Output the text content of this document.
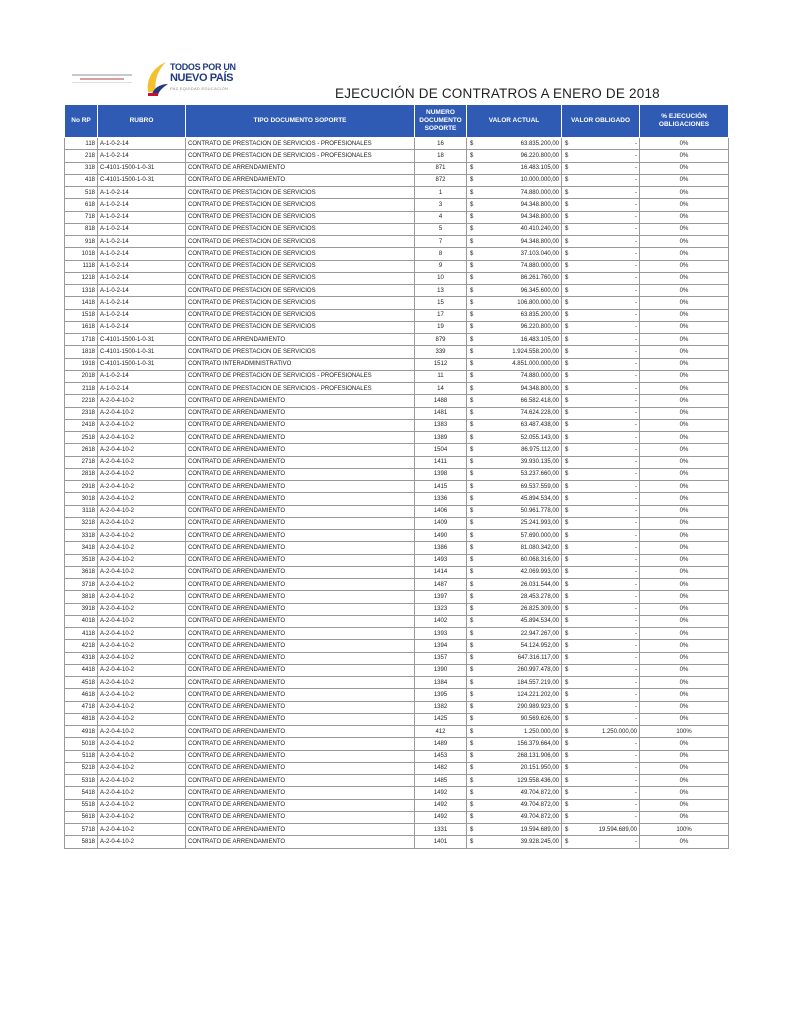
TODOS POR UN
NUEVO PAÍS
PAZ EQUIDAD EDUCACIÓN	EJECUCIÓN DE CONTRATROS A ENERO DE 2018
No RP	RUBRO	TIPO DOCUMENTO SOPORTE	NUMERO DOCUMENTO SOPORTE	VALOR ACTUAL		VALOR OBLIGADO		% EJECUCIÓN OBLIGACIONES
118	A-1-0-2-14	CONTRATO DE PRESTACION DE SERVICIOS - PROFESIONALES	16	$	63.835.200,00	$	-	0%
218	A-1-0-2-14	CONTRATO DE PRESTACION DE SERVICIOS - PROFESIONALES	18	$	96.220.800,00	$	-	0%
318	C-4101-1500-1-0-31	CONTRATO DE ARRENDAMIENTO	871	$	16.483.105,00	$	-	0%
418	C-4101-1500-1-0-31	CONTRATO DE ARRENDAMIENTO	872	$	10.000.000,00	$	-	0%
518	A-1-0-2-14	CONTRATO DE PRESTACION DE SERVICIOS	1	$	74.880.000,00	$	-	0%
618	A-1-0-2-14	CONTRATO DE PRESTACION DE SERVICIOS	3	$	94.348.800,00	$	-	0%
718	A-1-0-2-14	CONTRATO DE PRESTACION DE SERVICIOS	4	$	94.348.800,00	$	-	0%
818	A-1-0-2-14	CONTRATO DE PRESTACION DE SERVICIOS	5	$	40.410.240,00	$	-	0%
918	A-1-0-2-14	CONTRATO DE PRESTACION DE SERVICIOS	7	$	94.348.800,00	$	-	0%
1018	A-1-0-2-14	CONTRATO DE PRESTACION DE SERVICIOS	8	$	37.103.040,00	$	-	0%
1118	A-1-0-2-14	CONTRATO DE PRESTACION DE SERVICIOS	9	$	74.880.000,00	$	-	0%
1218	A-1-0-2-14	CONTRATO DE PRESTACION DE SERVICIOS	10	$	86.261.760,00	$	-	0%
1318	A-1-0-2-14	CONTRATO DE PRESTACION DE SERVICIOS	13	$	96.345.600,00	$	-	0%
1418	A-1-0-2-14	CONTRATO DE PRESTACION DE SERVICIOS	15	$	106.800.000,00	$	-	0%
1518	A-1-0-2-14	CONTRATO DE PRESTACION DE SERVICIOS	17	$	63.835.200,00	$	-	0%
1618	A-1-0-2-14	CONTRATO DE PRESTACION DE SERVICIOS	19	$	96.220.800,00	$	-	0%
1718	C-4101-1500-1-0-31	CONTRATO DE ARRENDAMIENTO	879	$	16.483.105,00	$	-	0%
1818	C-4101-1500-1-0-31	CONTRATO DE PRESTACION DE SERVICIOS	339	$	1.924.558.200,00	$	-	0%
1918	C-4101-1500-1-0-31	CONTRATO INTERADMINISTRATIVO	1512	$	4.851.000.000,00	$	-	0%
2018	A-1-0-2-14	CONTRATO DE PRESTACION DE SERVICIOS - PROFESIONALES	11	$	74.880.000,00	$	-	0%
2118	A-1-0-2-14	CONTRATO DE PRESTACION DE SERVICIOS - PROFESIONALES	14	$	94.348.800,00	$	-	0%
2218	A-2-0-4-10-2	CONTRATO DE ARRENDAMIENTO	1488	$	66.582.418,00	$	-	0%
2318	A-2-0-4-10-2	CONTRATO DE ARRENDAMIENTO	1481	$	74.624.228,00	$	-	0%
2418	A-2-0-4-10-2	CONTRATO DE ARRENDAMIENTO	1383	$	63.487.438,00	$	-	0%
2518	A-2-0-4-10-2	CONTRATO DE ARRENDAMIENTO	1389	$	52.055.143,00	$	-	0%
2618	A-2-0-4-10-2	CONTRATO DE ARRENDAMIENTO	1504	$	86.975.112,00	$	-	0%
2718	A-2-0-4-10-2	CONTRATO DE ARRENDAMIENTO	1411	$	39.930.135,00	$	-	0%
2818	A-2-0-4-10-2	CONTRATO DE ARRENDAMIENTO	1398	$	53.237.660,00	$	-	0%
2918	A-2-0-4-10-2	CONTRATO DE ARRENDAMIENTO	1415	$	69.537.559,00	$	-	0%
3018	A-2-0-4-10-2	CONTRATO DE ARRENDAMIENTO	1336	$	45.894.534,00	$	-	0%
3118	A-2-0-4-10-2	CONTRATO DE ARRENDAMIENTO	1406	$	50.961.778,00	$	-	0%
3218	A-2-0-4-10-2	CONTRATO DE ARRENDAMIENTO	1409	$	25.241.993,00	$	-	0%
3318	A-2-0-4-10-2	CONTRATO DE ARRENDAMIENTO	1490	$	57.690.000,00	$	-	0%
3418	A-2-0-4-10-2	CONTRATO DE ARRENDAMIENTO	1386	$	81.080.342,00	$	-	0%
3518	A-2-0-4-10-2	CONTRATO DE ARRENDAMIENTO	1493	$	60.068.316,00	$	-	0%
3618	A-2-0-4-10-2	CONTRATO DE ARRENDAMIENTO	1414	$	42.069.993,00	$	-	0%
3718	A-2-0-4-10-2	CONTRATO DE ARRENDAMIENTO	1487	$	26.031.544,00	$	-	0%
3818	A-2-0-4-10-2	CONTRATO DE ARRENDAMIENTO	1397	$	28.453.278,00	$	-	0%
3918	A-2-0-4-10-2	CONTRATO DE ARRENDAMIENTO	1323	$	26.825.309,00	$	-	0%
4018	A-2-0-4-10-2	CONTRATO DE ARRENDAMIENTO	1402	$	45.894.534,00	$	-	0%
4118	A-2-0-4-10-2	CONTRATO DE ARRENDAMIENTO	1393	$	22.947.267,00	$	-	0%
4218	A-2-0-4-10-2	CONTRATO DE ARRENDAMIENTO	1394	$	54.124.952,00	$	-	0%
4318	A-2-0-4-10-2	CONTRATO DE ARRENDAMIENTO	1357	$	647.316.117,00	$	-	0%
4418	A-2-0-4-10-2	CONTRATO DE ARRENDAMIENTO	1390	$	260.997.478,00	$	-	0%
4518	A-2-0-4-10-2	CONTRATO DE ARRENDAMIENTO	1384	$	184.557.219,00	$	-	0%
4618	A-2-0-4-10-2	CONTRATO DE ARRENDAMIENTO	1395	$	124.221.202,00	$	-	0%
4718	A-2-0-4-10-2	CONTRATO DE ARRENDAMIENTO	1382	$	290.989.923,00	$	-	0%
4818	A-2-0-4-10-2	CONTRATO DE ARRENDAMIENTO	1425	$	90.569.626,00	$	-	0%
4918	A-2-0-4-10-2	CONTRATO DE ARRENDAMIENTO	412	$	1.250.000,00	$	1.250.000,00	100%
5018	A-2-0-4-10-2	CONTRATO DE ARRENDAMIENTO	1489	$	156.379.664,00	$	-	0%
5118	A-2-0-4-10-2	CONTRATO DE ARRENDAMIENTO	1453	$	268.131.906,00	$	-	0%
5218	A-2-0-4-10-2	CONTRATO DE ARRENDAMIENTO	1482	$	20.151.950,00	$	-	0%
5318	A-2-0-4-10-2	CONTRATO DE ARRENDAMIENTO	1485	$	129.558.436,00	$	-	0%
5418	A-2-0-4-10-2	CONTRATO DE ARRENDAMIENTO	1492	$	49.704.872,00	$	-	0%
5518	A-2-0-4-10-2	CONTRATO DE ARRENDAMIENTO	1492	$	49.704.872,00	$	-	0%
5618	A-2-0-4-10-2	CONTRATO DE ARRENDAMIENTO	1492	$	49.704.872,00	$	-	0%
5718	A-2-0-4-10-2	CONTRATO DE ARRENDAMIENTO	1331	$	19.594.689,00	$	19.594.689,00	100%
5818	A-2-0-4-10-2	CONTRATO DE ARRENDAMIENTO	1401	$	39.928.245,00	$	-	0%
